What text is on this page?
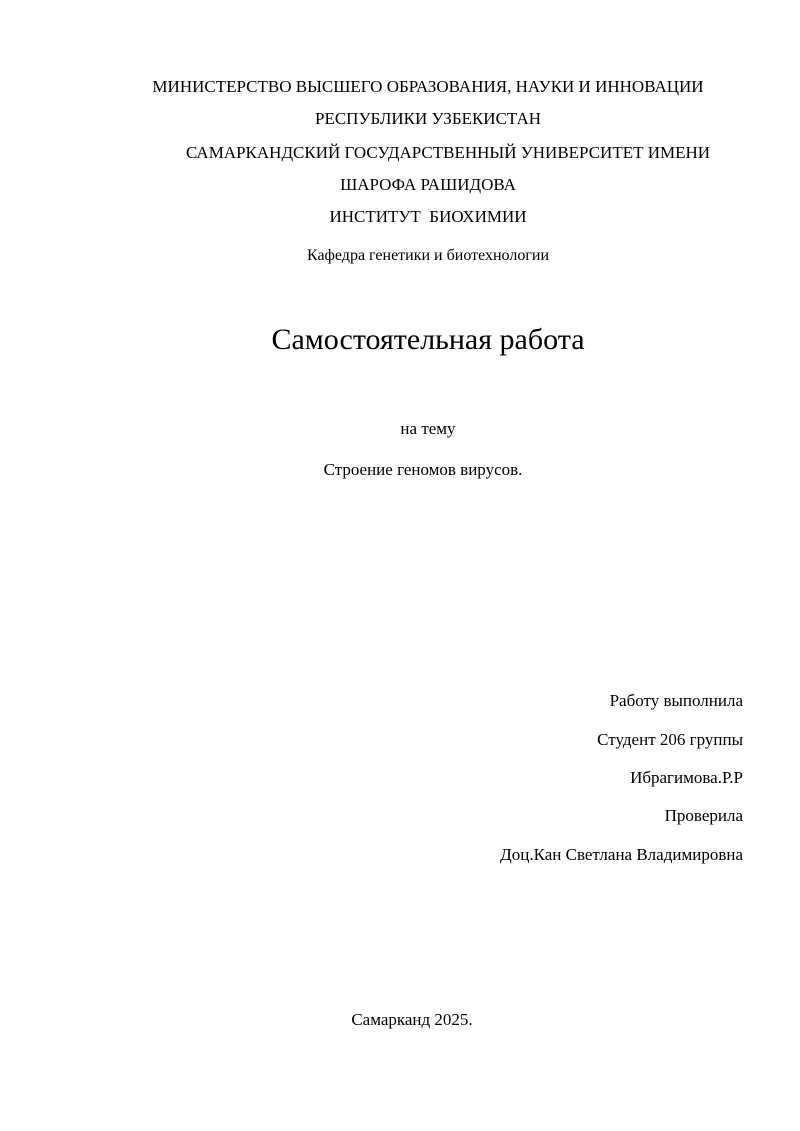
МИНИСТЕРСТВО ВЫСШЕГО ОБРАЗОВАНИЯ, НАУКИ И ИННОВАЦИИ
РЕСПУБЛИКИ УЗБЕКИСТАН
САМАРКАНДСКИЙ ГОСУДАРСТВЕННЫЙ УНИВЕРСИТЕТ ИМЕНИ
ШАРОФА РАШИДОВА
ИНСТИТУТ  БИОХИМИИ
Кафедра генетики и биотехнологии
Самостоятельная работа
на тему
Строение геномов вирусов.
Работу выполнила
Студент 206 группы
Ибрагимова.Р.Р
Проверила
Доц.Кан Светлана Владимировна
Самарканд 2025.
